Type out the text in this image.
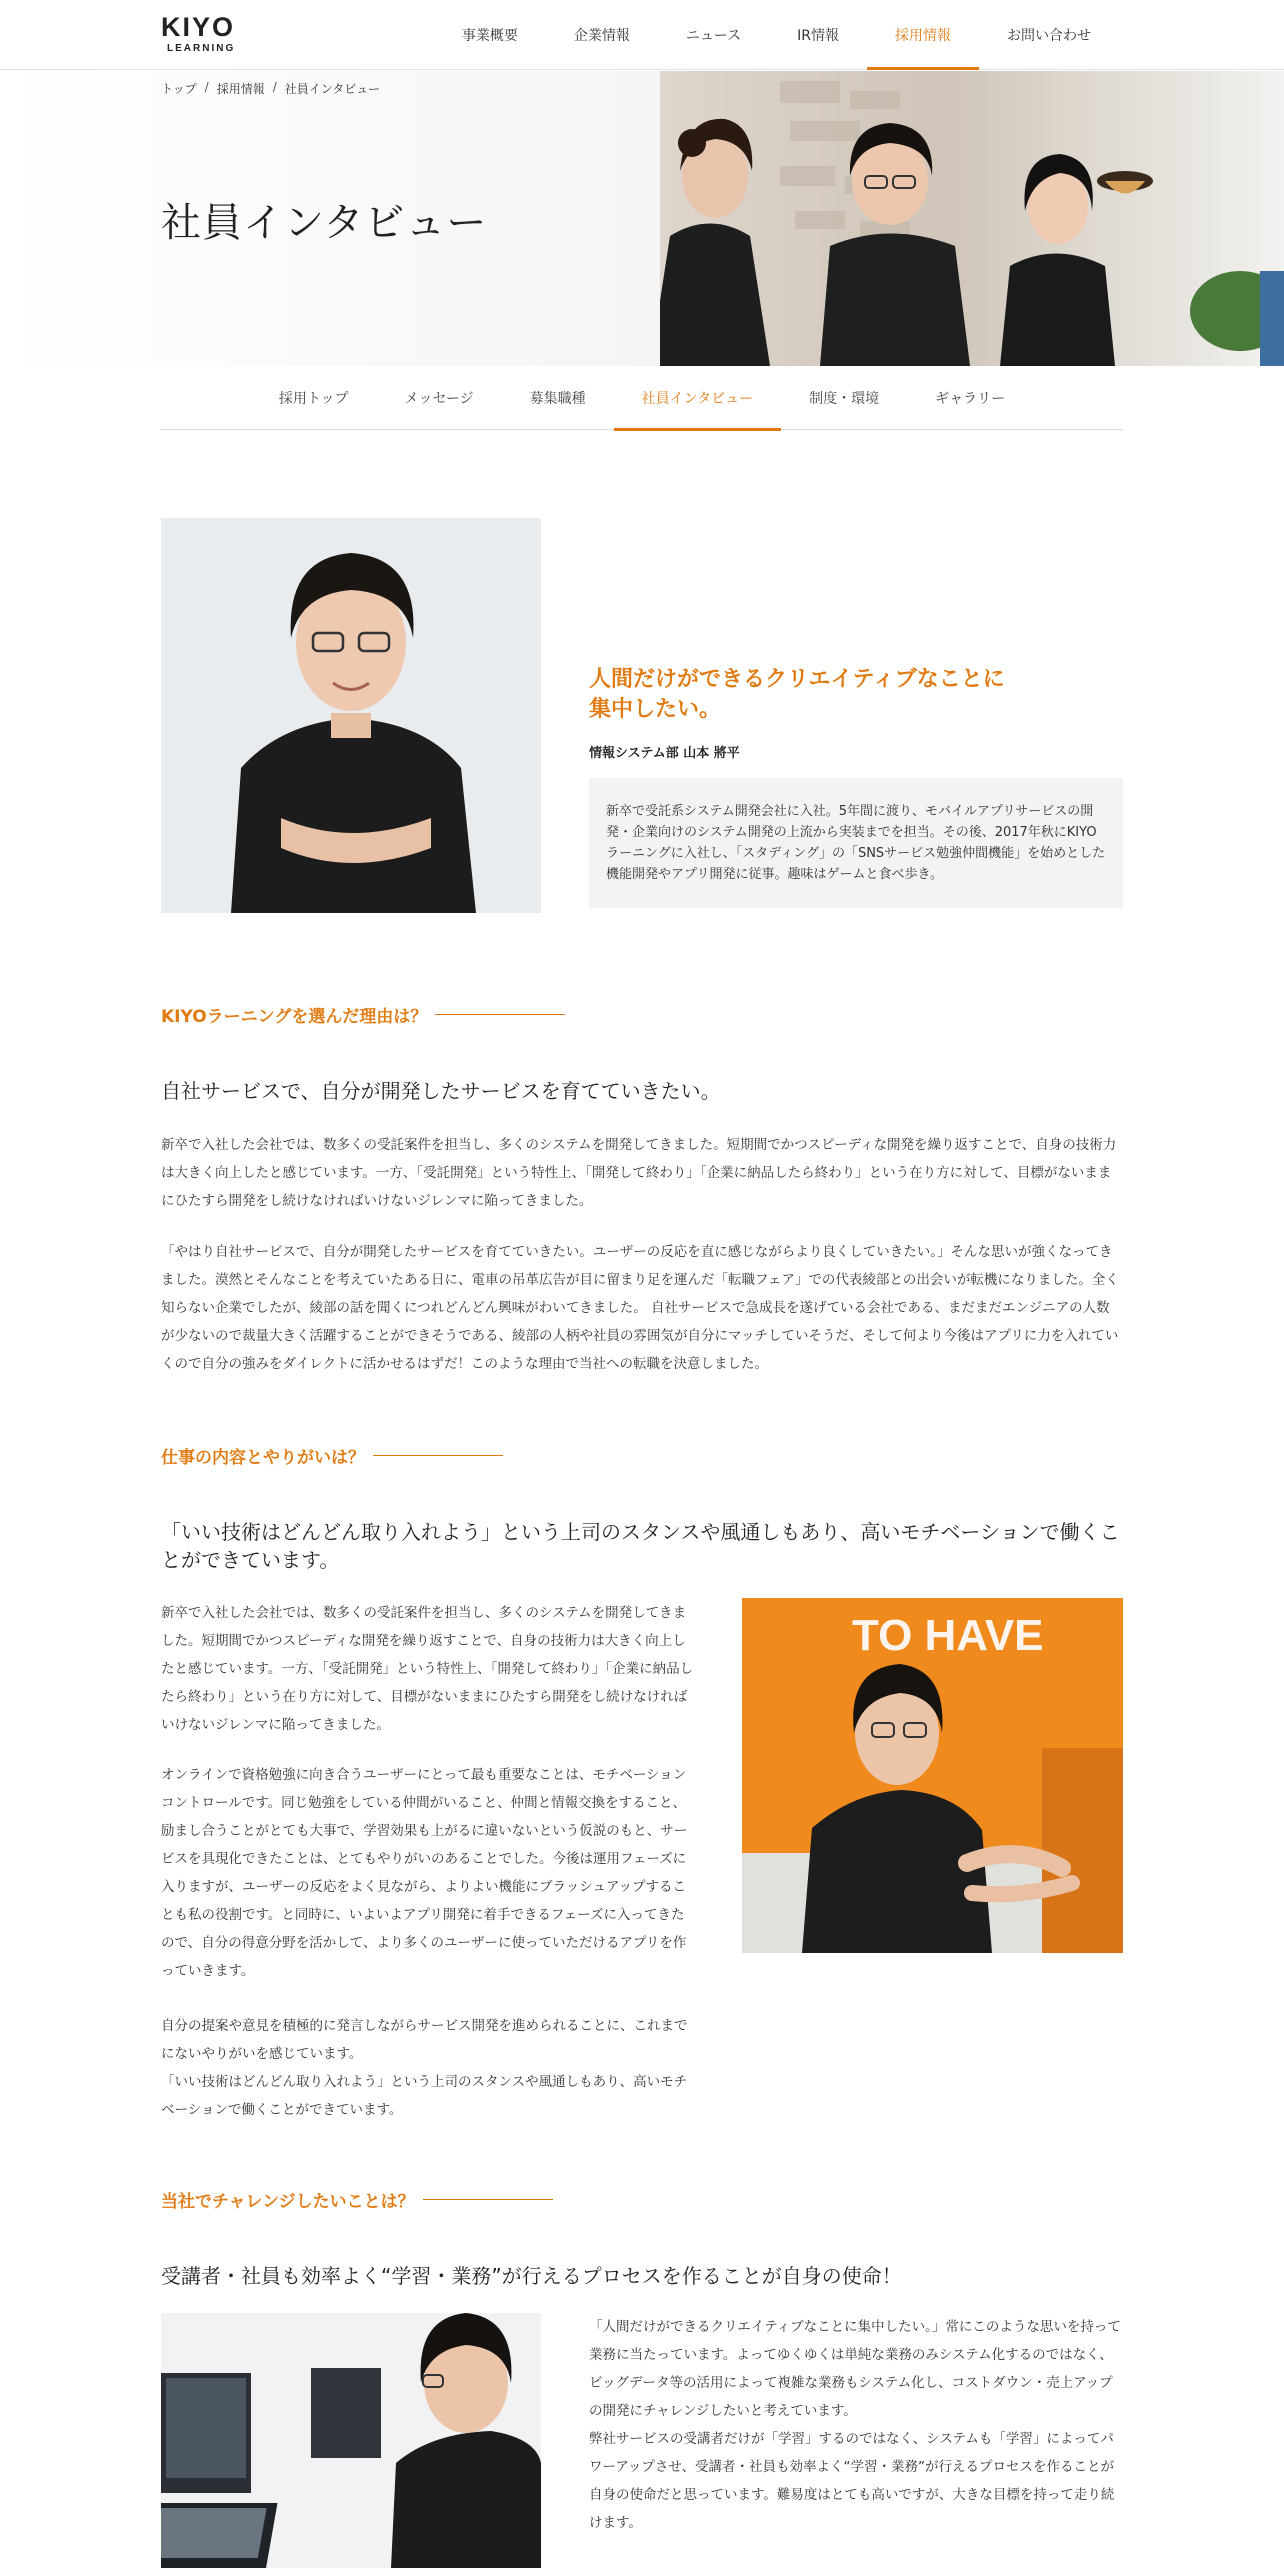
KIYO
LEARNING
事業概要	企業情報	ニュース	IR情報	採用情報	お問い合わせ
トップ / 採用情報 / 社員インタビュー
社員インタビュー
採用トップ	メッセージ	募集職種	社員インタビュー	制度・環境	ギャラリー
人間だけができるクリエイティブなことに
集中したい。
情報システム部 山本 將平
新卒で受託系システム開発会社に入社。5年間に渡り、モバイルアプリサービスの開発・企業向けのシステム開発の上流から実装までを担当。その後、2017年秋にKIYOラーニングに入社し、「スタディング」の「SNSサービス勉強仲間機能」を始めとした機能開発やアプリ開発に従事。趣味はゲームと食べ歩き。
KIYOラーニングを選んだ理由は？
自社サービスで、自分が開発したサービスを育てていきたい。
新卒で入社した会社では、数多くの受託案件を担当し、多くのシステムを開発してきました。短期間でかつスピーディな開発を繰り返すことで、自身の技術力は大きく向上したと感じています。一方、「受託開発」という特性上、「開発して終わり」「企業に納品したら終わり」という在り方に対して、目標がないままにひたすら開発をし続けなければいけないジレンマに陥ってきました。
「やはり自社サービスで、自分が開発したサービスを育てていきたい。ユーザーの反応を直に感じながらより良くしていきたい。」そんな思いが強くなってきました。漠然とそんなことを考えていたある日に、電車の吊革広告が目に留まり足を運んだ「転職フェア」での代表綾部との出会いが転機になりました。全く知らない企業でしたが、綾部の話を聞くにつれどんどん興味がわいてきました。 自社サービスで急成長を遂げている会社である、まだまだエンジニアの人数が少ないので裁量大きく活躍することができそうである、綾部の人柄や社員の雰囲気が自分にマッチしていそうだ、そして何より今後はアプリに力を入れていくので自分の強みをダイレクトに活かせるはずだ！このような理由で当社への転職を決意しました。
仕事の内容とやりがいは？
「いい技術はどんどん取り入れよう」という上司のスタンスや風通しもあり、高いモチベーションで働くことができています。
新卒で入社した会社では、数多くの受託案件を担当し、多くのシステムを開発してきました。短期間でかつスピーディな開発を繰り返すことで、自身の技術力は大きく向上したと感じています。一方、「受託開発」という特性上、「開発して終わり」「企業に納品したら終わり」という在り方に対して、目標がないままにひたすら開発をし続けなければいけないジレンマに陥ってきました。
オンラインで資格勉強に向き合うユーザーにとって最も重要なことは、モチベーションコントロールです。同じ勉強をしている仲間がいること、仲間と情報交換をすること、励まし合うことがとても大事で、学習効果も上がるに違いないという仮説のもと、サービスを具現化できたことは、とてもやりがいのあることでした。今後は運用フェーズに入りますが、ユーザーの反応をよく見ながら、よりよい機能にブラッシュアップすることも私の役割です。と同時に、いよいよアプリ開発に着手できるフェーズに入ってきたので、自分の得意分野を活かして、より多くのユーザーに使っていただけるアプリを作っていきます。
自分の提案や意見を積極的に発言しながらサービス開発を進められることに、これまでにないやりがいを感じています。
「いい技術はどんどん取り入れよう」という上司のスタンスや風通しもあり、高いモチベーションで働くことができています。
TO HAVE
当社でチャレンジしたいことは？
受講者・社員も効率よく“学習・業務”が行えるプロセスを作ることが自身の使命！
「人間だけができるクリエイティブなことに集中したい。」常にこのような思いを持って業務に当たっています。よってゆくゆくは単純な業務のみシステム化するのではなく、ビッグデータ等の活用によって複雑な業務もシステム化し、コストダウン・売上アップの開発にチャレンジしたいと考えています。
弊社サービスの受講者だけが「学習」するのではなく、システムも「学習」によってパワーアップさせ、受講者・社員も効率よく“学習・業務”が行えるプロセスを作ることが自身の使命だと思っています。難易度はとても高いですが、大きな目標を持って走り続けます。
